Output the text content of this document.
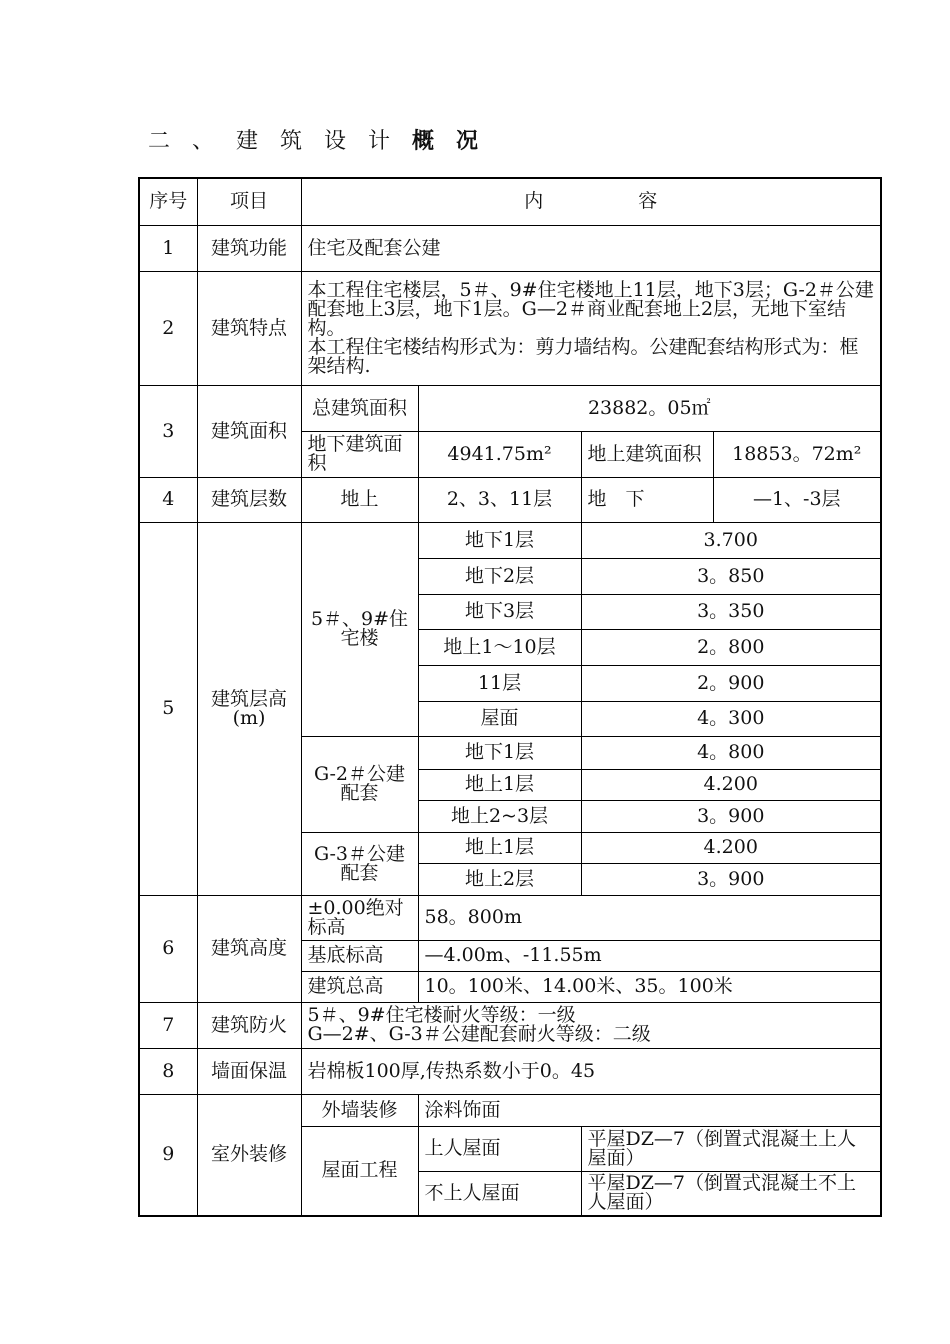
二 、 建 筑 设 计 概 况
序号	项目	内　　　　　容			
1	建筑功能	住宅及配套公建			
2	建筑特点	本工程住宅楼层，5＃、9#住宅楼地上11层，地下3层；G-2＃公建配套地上3层，地下1层。G—2＃商业配套地上2层，无地下室结构。
本工程住宅楼结构形式为：剪力墙结构。公建配套结构形式为：框架结构.			

3	建筑面积	总建筑面积	23882。05㎡		
		地下建筑面积	4941.75m²	地上建筑面积	18853。72m²
4	建筑层数	地上	2、3、11层	地　下	—1、-3层
5	建筑层高(m)	5＃、9#住宅楼	地下1层	3.700	
			地下2层	3。850	
			地下3层	3。350	
			地上1～10层	2。800	
			11层	2。900	
			屋面	4。300	
		G-2＃公建配套	地下1层	4。800	
			地上1层	4.200	
			地上2~3层	3。900	
		G-3＃公建配套	地上1层	4.200	
			地上2层	3。900	
6	建筑高度	±0.00绝对标高	58。800m		
		基底标高	—4.00m、-11.55m		
		建筑总高	10。100米、14.00米、35。100米		
7	建筑防火	5＃、9#住宅楼耐火等级：一级
G—2#、G-3＃公建配套耐火等级：二级			

8	墙面保温	岩棉板100厚,传热系数小于0。45			
9	室外装修	外墙装修	涂料饰面		
		屋面工程	上人屋面	平屋DZ—7（倒置式混凝土上人屋面）	
			不上人屋面	平屋DZ—7（倒置式混凝土不上人屋面）	
